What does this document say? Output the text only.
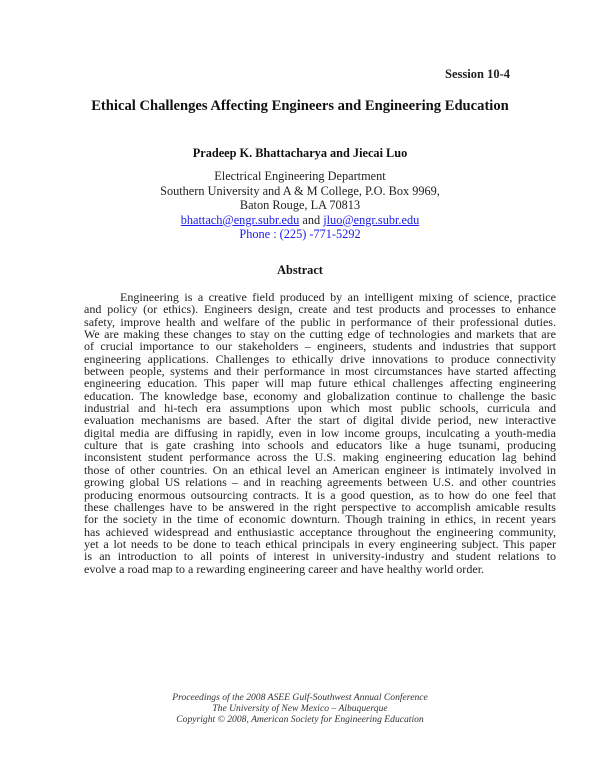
Session 10-4
Ethical Challenges Affecting Engineers and Engineering Education
Pradeep K. Bhattacharya and Jiecai Luo
Electrical Engineering Department
Southern University and A & M College, P.O. Box 9969,
Baton Rouge, LA 70813
bhattach@engr.subr.edu and jluo@engr.subr.edu
Phone : (225) -771-5292
Abstract
Engineering is a creative field produced by an intelligent mixing of science, practice
and policy (or ethics). Engineers design, create and test products and processes to enhance
safety, improve health and welfare of the public in performance of their professional duties.
We are making these changes to stay on the cutting edge of technologies and markets that are
of crucial importance to our stakeholders – engineers, students and industries that support
engineering applications. Challenges to ethically drive innovations to produce connectivity
between people, systems and their performance in most circumstances have started affecting
engineering education. This paper will map future ethical challenges affecting engineering
education. The knowledge base, economy and globalization continue to challenge the basic
industrial and hi-tech era assumptions upon which most public schools, curricula and
evaluation mechanisms are based. After the start of digital divide period, new interactive
digital media are diffusing in rapidly, even in low income groups, inculcating a youth-media
culture that is gate crashing into schools and educators like a huge tsunami, producing
inconsistent student performance across the U.S. making engineering education lag behind
those of other countries. On an ethical level an American engineer is intimately involved in
growing global US relations – and in reaching agreements between U.S. and other countries
producing enormous outsourcing contracts. It is a good question, as to how do one feel that
these challenges have to be answered in the right perspective to accomplish amicable results
for the society in the time of economic downturn. Though training in ethics, in recent years
has achieved widespread and enthusiastic acceptance throughout the engineering community,
yet a lot needs to be done to teach ethical principals in every engineering subject. This paper
is an introduction to all points of interest in university-industry and student relations to
evolve a road map to a rewarding engineering career and have healthy world order.
Proceedings of the 2008 ASEE Gulf-Southwest Annual Conference
The University of New Mexico – Albuquerque
Copyright © 2008, American Society for Engineering Education
